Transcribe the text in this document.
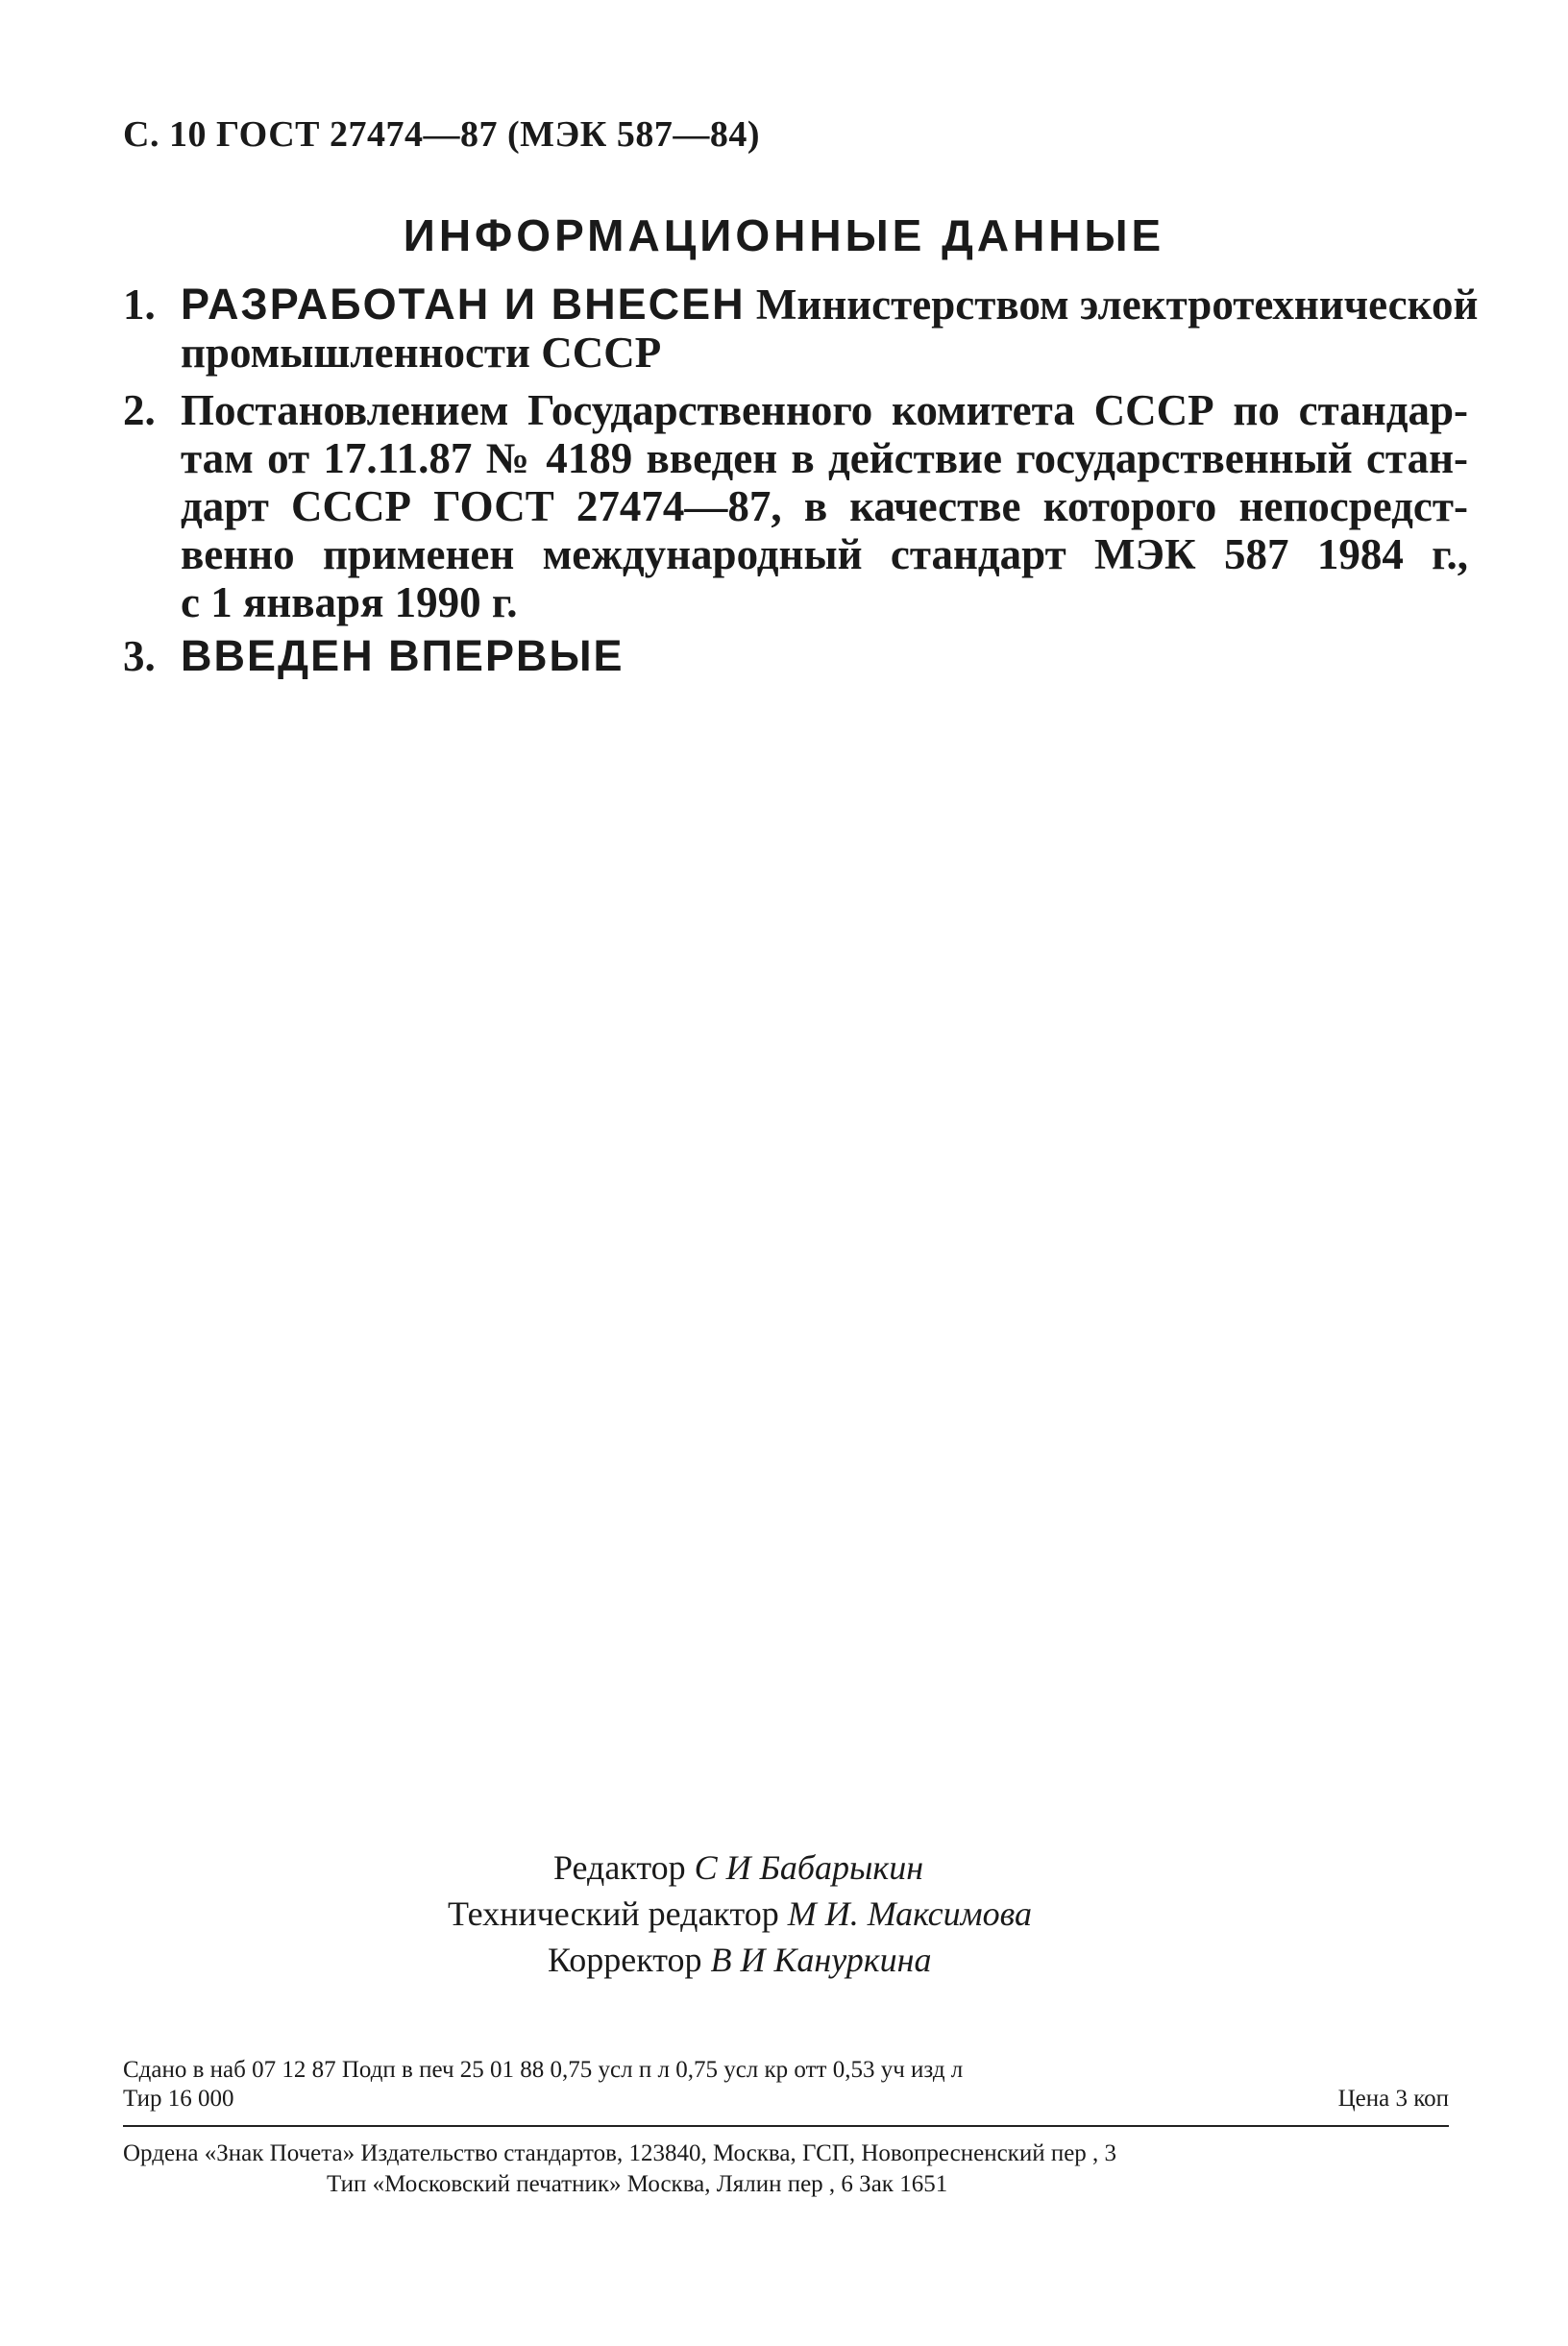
С. 10 ГОСТ 27474—87 (МЭК 587—84)
ИНФОРМАЦИОННЫЕ ДАННЫЕ
1. РАЗРАБОТАН И ВНЕСЕН Министерством электротехнической
промышленности СССР
2. Постановлением Государственного комитета СССР по стандар-
там от 17.11.87 № 4189 введен в действие государственный стан-
дарт СССР ГОСТ 27474—87, в качестве которого непосредст-
венно применен международный стандарт МЭК 587 1984 г.,
с 1 января 1990 г.
3. ВВЕДЕН ВПЕРВЫЕ
Редактор С И Бабарыкин
Технический редактор М И. Максимова
Корректор В И Кануркина
Сдано в наб 07 12 87 Подп в печ 25 01 88 0,75 усл п л 0,75 усл кр отт 0,53 уч изд л
Тир 16 000	Цена 3 коп
Ордена «Знак Почета» Издательство стандартов, 123840, Москва, ГСП, Новопресненский пер , 3
Тип «Московский печатник» Москва, Лялин пер , 6 Зак 1651
